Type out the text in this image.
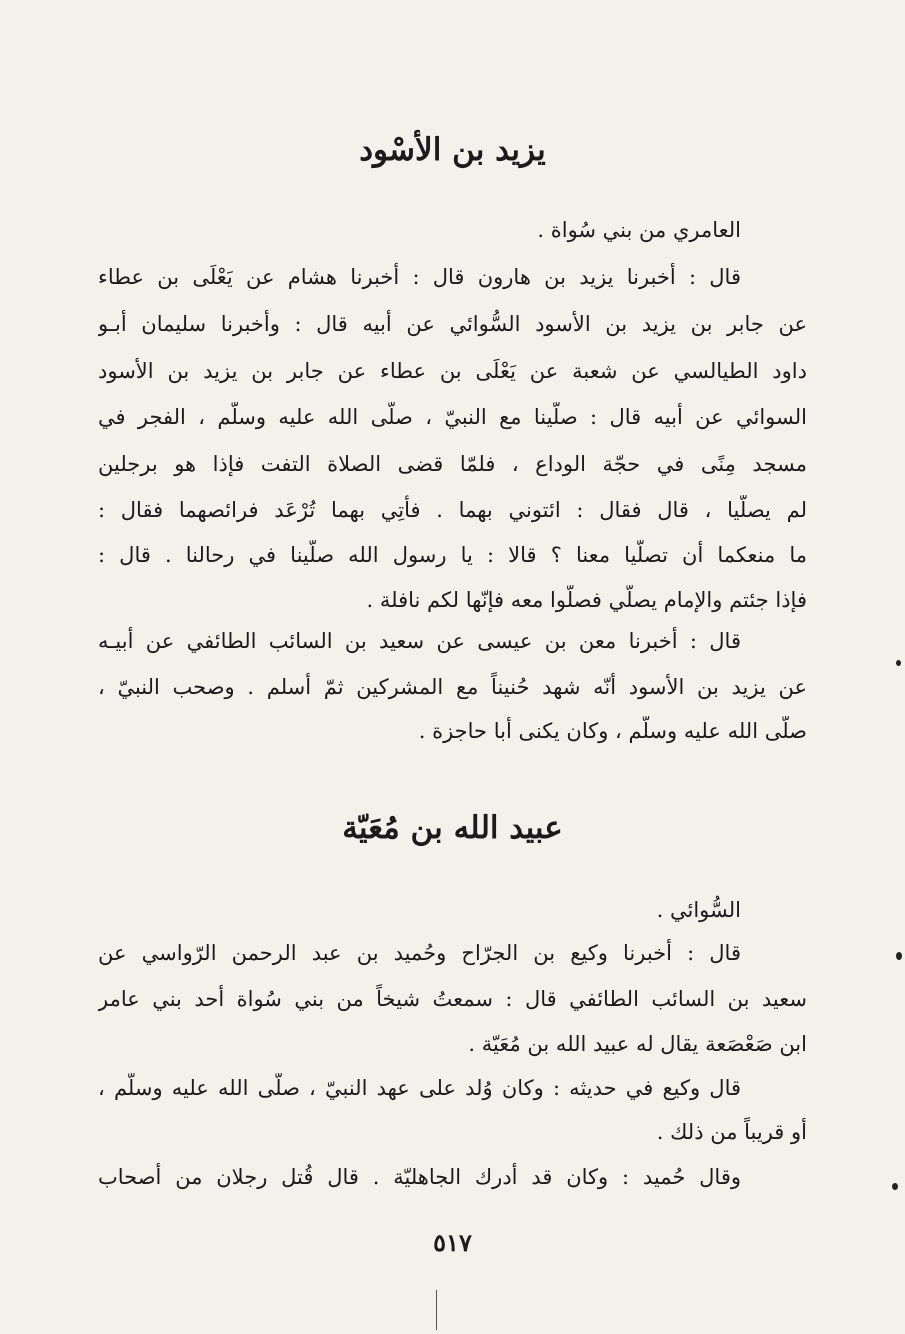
يزيد بن الأسْود
العامري من بني سُواة .
قال : أخبرنا يزيد بن هارون قال : أخبرنا هشام عن يَعْلَى بن عطاء
عن جابر بن يزيد بن الأسود السُّوائي عن أبيه قال : وأخبرنا سليمان أبـو
داود الطيالسي عن شعبة عن يَعْلَى بن عطاء عن جابر بن يزيد بن الأسود
السوائي عن أبيه قال : صلّينا مع النبيّ ، صلّى الله عليه وسلّم ، الفجر في
مسجد مِنًى في حجّة الوداع ، فلمّا قضى الصلاة التفت فإذا هو برجلين
لم يصلّيا ، قال فقال : ائتوني بهما . فأُتِي بهما تُرْعَد فرائصهما فقال :
ما منعكما أن تصلّيا معنا ؟ قالا : يا رسول الله صلّينا في رحالنا . قال :
فإذا جئتم والإمام يصلّي فصلّوا معه فإنّها لكم نافلة .
قال : أخبرنا معن بن عيسى عن سعيد بن السائب الطائفي عن أبيـه
عن يزيد بن الأسود أنّه شهد حُنيناً مع المشركين ثمّ أسلم . وصحب النبيّ ،
صلّى الله عليه وسلّم ، وكان يكنى أبا حاجزة .
عبيد الله بن مُعَيّة
السُّوائي .
قال : أخبرنا وكيع بن الجرّاح وحُميد بن عبد الرحمن الرّواسي عن
سعيد بن السائب الطائفي قال : سمعتُ شيخاً من بني سُواة أحد بني عامر
ابن صَعْصَعة يقال له عبيد الله بن مُعَيّة .
قال وكيع في حديثه : وكان وُلد على عهد النبيّ ، صلّى الله عليه وسلّم ،
أو قريباً من ذلك .
وقال حُميد : وكان قد أدرك الجاهليّة . قال قُتل رجلان من أصحاب
٥١٧
